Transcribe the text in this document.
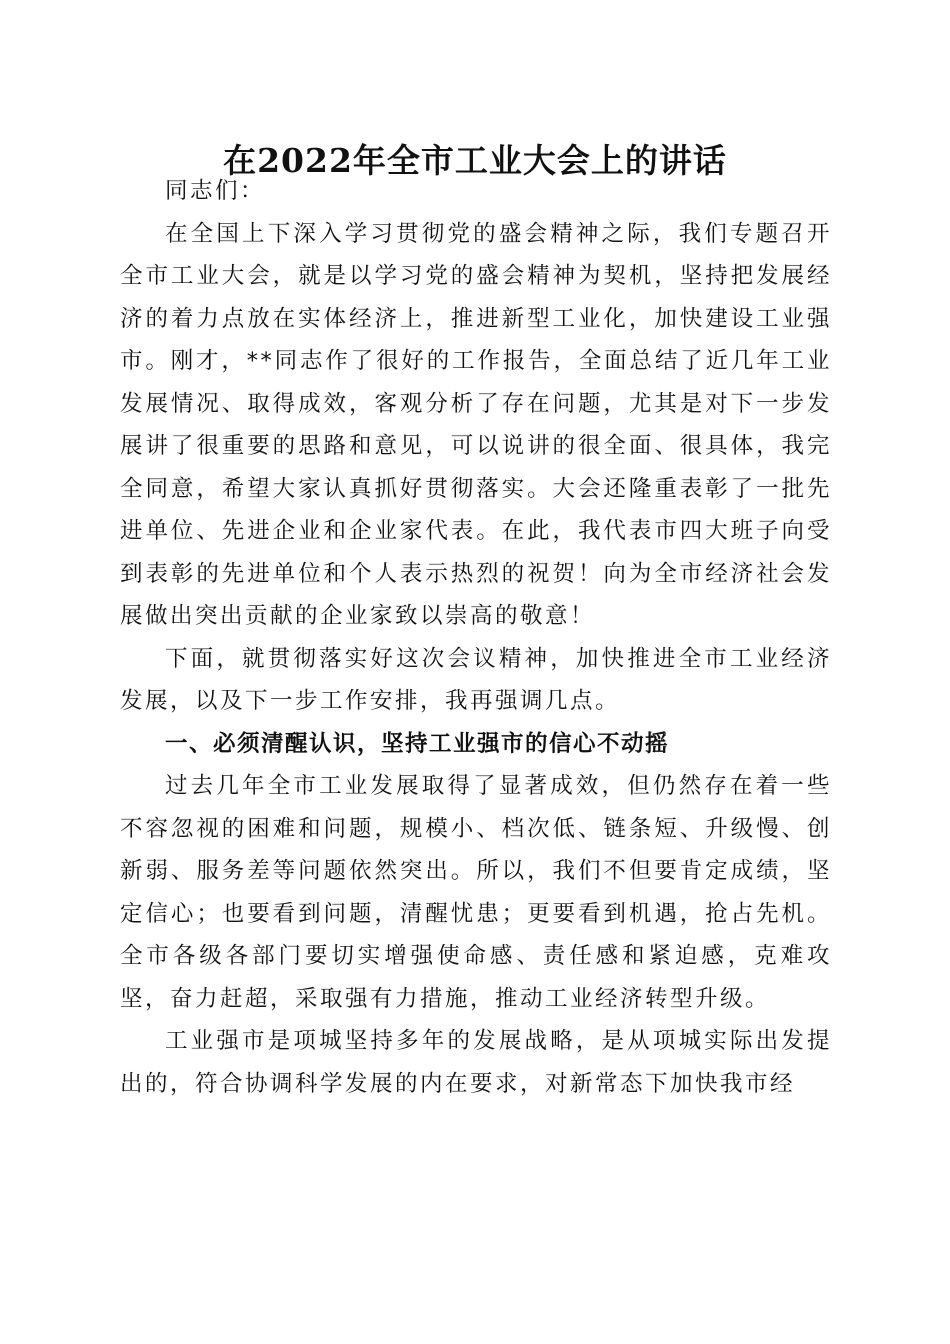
在2022年全市工业大会上的讲话

同志们：

在全国上下深入学习贯彻党的盛会精神之际，我们专题召开全市工业大会，就是以学习党的盛会精神为契机，坚持把发展经济的着力点放在实体经济上，推进新型工业化，加快建设工业强市。刚才，**同志作了很好的工作报告，全面总结了近几年工业发展情况、取得成效，客观分析了存在问题，尤其是对下一步发展讲了很重要的思路和意见，可以说讲的很全面、很具体，我完全同意，希望大家认真抓好贯彻落实。大会还隆重表彰了一批先进单位、先进企业和企业家代表。在此，我代表市四大班子向受到表彰的先进单位和个人表示热烈的祝贺！向为全市经济社会发展做出突出贡献的企业家致以崇高的敬意！

下面，就贯彻落实好这次会议精神，加快推进全市工业经济发展，以及下一步工作安排，我再强调几点。

一、必须清醒认识，坚持工业强市的信心不动摇

过去几年全市工业发展取得了显著成效，但仍然存在着一些不容忽视的困难和问题，规模小、档次低、链条短、升级慢、创新弱、服务差等问题依然突出。所以，我们不但要肯定成绩，坚定信心；也要看到问题，清醒忧患；更要看到机遇，抢占先机。全市各级各部门要切实增强使命感、责任感和紧迫感，克难攻坚，奋力赶超，采取强有力措施，推动工业经济转型升级。

工业强市是项城坚持多年的发展战略，是从项城实际出发提出的，符合协调科学发展的内在要求，对新常态下加快我市经
